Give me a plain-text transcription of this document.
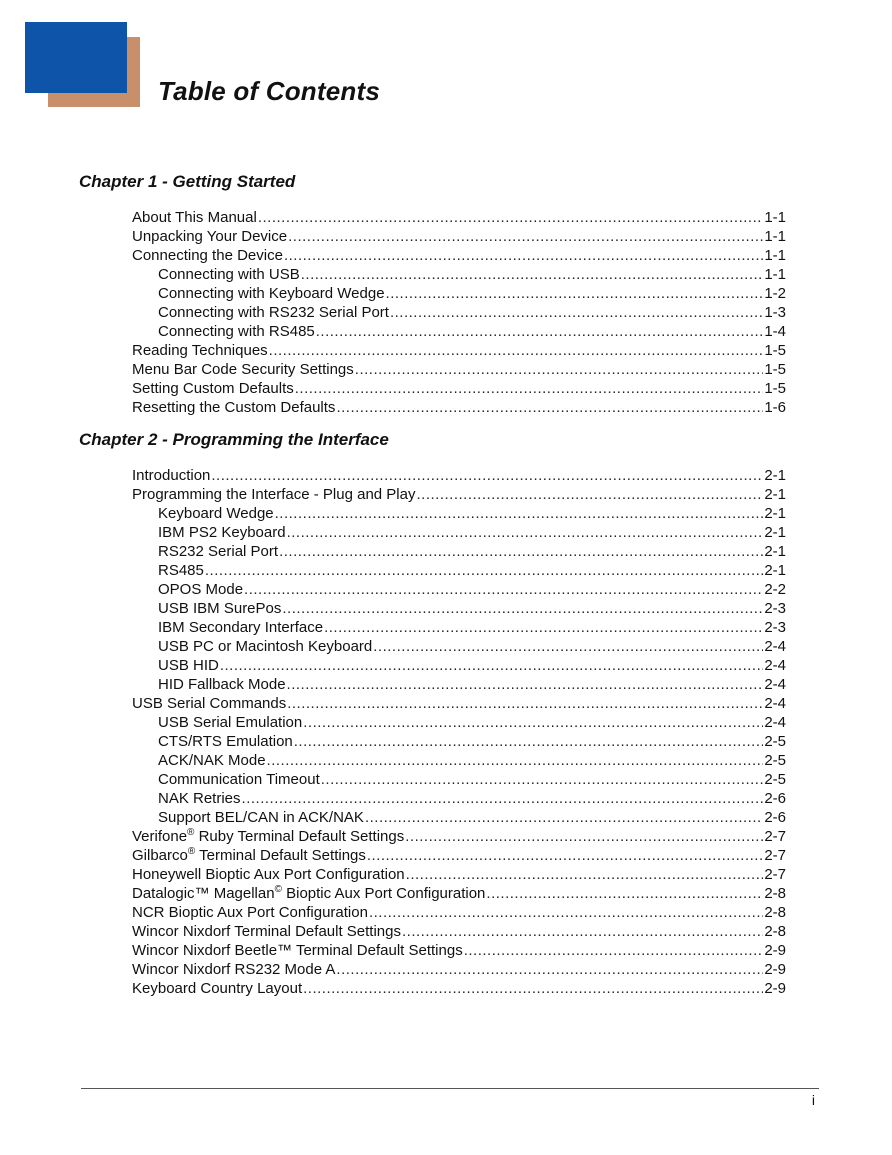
Table of Contents
Chapter 1 - Getting Started
About This Manual .....	1-1
Unpacking Your Device .....	1-1
Connecting the Device .....	1-1
Connecting with USB .....	1-1
Connecting with Keyboard Wedge .....	1-2
Connecting with RS232 Serial Port .....	1-3
Connecting with RS485 .....	1-4
Reading Techniques .....	1-5
Menu Bar Code Security Settings .....	1-5
Setting Custom Defaults .....	1-5
Resetting the Custom Defaults .....	1-6
Chapter 2 - Programming the Interface
Introduction .....	2-1
Programming the Interface - Plug and Play .....	2-1
Keyboard Wedge .....	2-1
IBM PS2 Keyboard .....	2-1
RS232 Serial Port .....	2-1
RS485 .....	2-1
OPOS Mode .....	2-2
USB IBM SurePos .....	2-3
IBM Secondary Interface .....	2-3
USB PC or Macintosh Keyboard .....	2-4
USB HID .....	2-4
HID Fallback Mode .....	2-4
USB Serial Commands .....	2-4
USB Serial Emulation .....	2-4
CTS/RTS Emulation .....	2-5
ACK/NAK Mode .....	2-5
Communication Timeout .....	2-5
NAK Retries .....	2-6
Support BEL/CAN in ACK/NAK .....	2-6
Verifone® Ruby Terminal Default Settings .....	2-7
Gilbarco® Terminal Default Settings .....	2-7
Honeywell Bioptic Aux Port Configuration .....	2-7
Datalogic™ Magellan© Bioptic Aux Port Configuration .....	2-8
NCR Bioptic Aux Port Configuration .....	2-8
Wincor Nixdorf Terminal Default Settings .....	2-8
Wincor Nixdorf Beetle™ Terminal Default Settings .....	2-9
Wincor Nixdorf RS232 Mode A .....	2-9
Keyboard Country Layout .....	2-9
i
